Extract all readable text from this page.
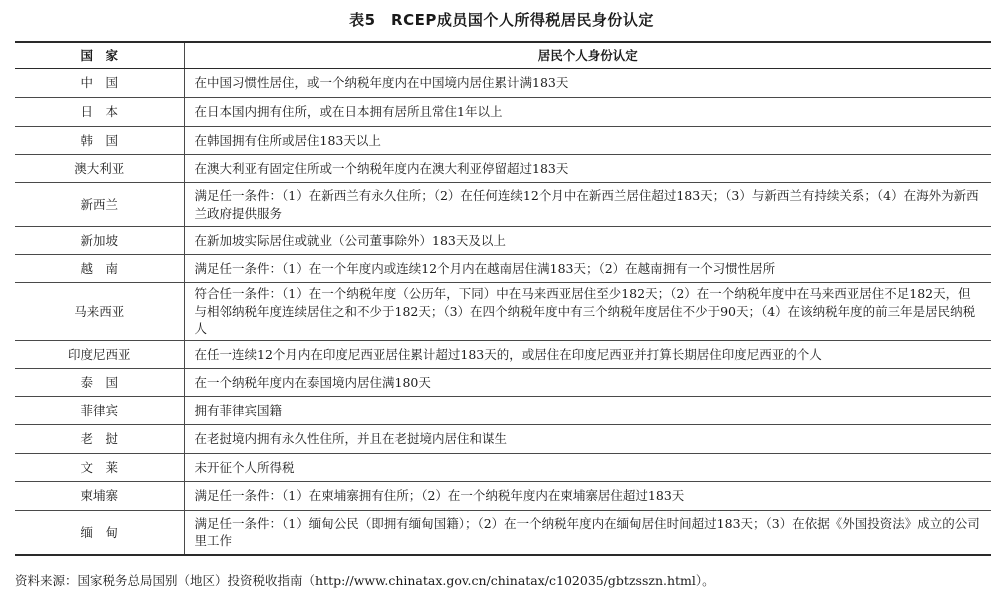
表5　RCEP成员国个人所得税居民身份认定
国　家	居民个人身份认定
中　国	在中国习惯性居住，或一个纳税年度内在中国境内居住累计满183天
日　本	在日本国内拥有住所，或在日本拥有居所且常住1年以上
韩　国	在韩国拥有住所或居住183天以上
澳大利亚	在澳大利亚有固定住所或一个纳税年度内在澳大利亚停留超过183天
新西兰	满足任一条件：（1）在新西兰有永久住所；（2）在任何连续12个月中在新西兰居住超过183天；（3）与新西兰有持续关系；（4）在海外为新西兰政府提供服务
新加坡	在新加坡实际居住或就业（公司董事除外）183天及以上
越　南	满足任一条件：（1）在一个年度内或连续12个月内在越南居住满183天；（2）在越南拥有一个习惯性居所
马来西亚	符合任一条件：（1）在一个纳税年度（公历年，下同）中在马来西亚居住至少182天；（2）在一个纳税年度中在马来西亚居住不足182天，但与相邻纳税年度连续居住之和不少于182天；（3）在四个纳税年度中有三个纳税年度居住不少于90天；（4）在该纳税年度的前三年是居民纳税人
印度尼西亚	在任一连续12个月内在印度尼西亚居住累计超过183天的，或居住在印度尼西亚并打算长期居住印度尼西亚的个人
泰　国	在一个纳税年度内在泰国境内居住满180天
菲律宾	拥有菲律宾国籍
老　挝	在老挝境内拥有永久性住所，并且在老挝境内居住和谋生
文　莱	未开征个人所得税
柬埔寨	满足任一条件：（1）在柬埔寨拥有住所；（2）在一个纳税年度内在柬埔寨居住超过183天
缅　甸	满足任一条件：（1）缅甸公民（即拥有缅甸国籍）；（2）在一个纳税年度内在缅甸居住时间超过183天；（3）在依据《外国投资法》成立的公司里工作
资料来源：国家税务总局国别（地区）投资税收指南（http://www.chinatax.gov.cn/chinatax/c102035/gbtzsszn.html）。
